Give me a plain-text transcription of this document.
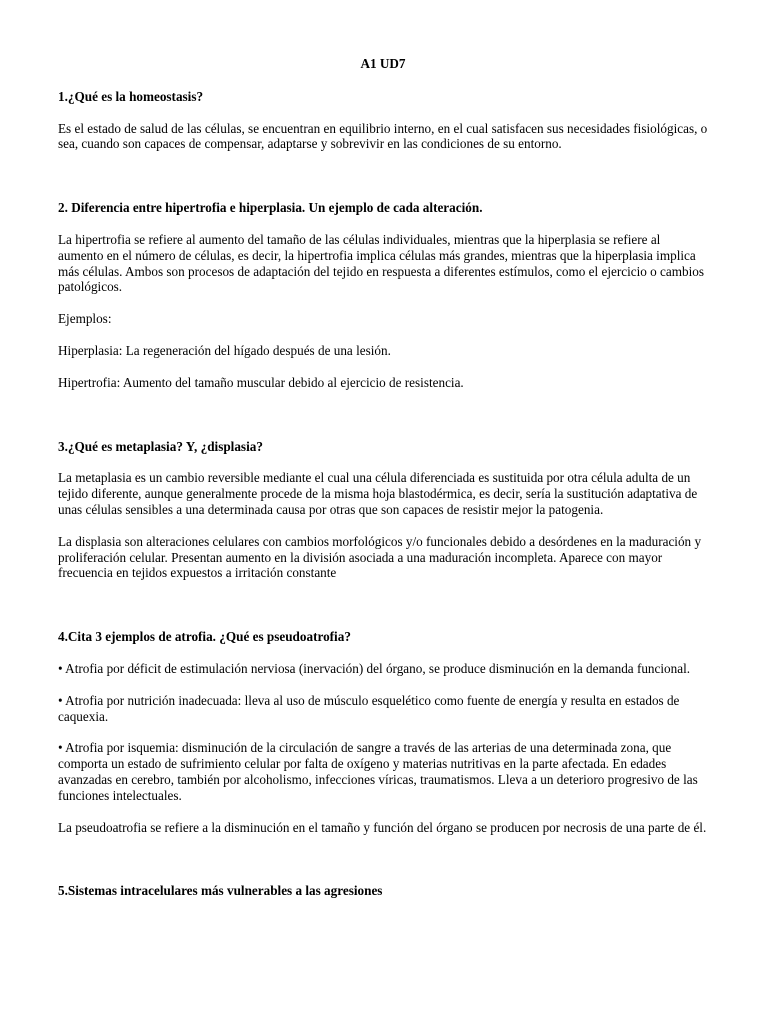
A1 UD7
1.¿Qué es la homeostasis?
Es el estado de salud de las células, se encuentran en equilibrio interno, en el cual satisfacen sus necesidades fisiológicas, o sea, cuando son capaces de compensar, adaptarse y sobrevivir en las condiciones de su entorno.
2. Diferencia entre hipertrofia e hiperplasia. Un ejemplo de cada alteración.
La hipertrofia se refiere al aumento del tamaño de las células individuales, mientras que la hiperplasia se refiere al aumento en el número de células, es decir, la hipertrofia implica células más grandes, mientras que la hiperplasia implica más células. Ambos son procesos de adaptación del tejido en respuesta a diferentes estímulos, como el ejercicio o cambios patológicos.
Ejemplos:
Hiperplasia: La regeneración del hígado después de una lesión.
Hipertrofia: Aumento del tamaño muscular debido al ejercicio de resistencia.
3.¿Qué es metaplasia? Y, ¿displasia?
La metaplasia es un cambio reversible mediante el cual una célula diferenciada es sustituida por otra célula adulta de un tejido diferente, aunque generalmente procede de la misma hoja blastodérmica, es decir, sería la sustitución adaptativa de unas células sensibles a una determinada causa por otras que son capaces de resistir mejor la patogenia.
La displasia son alteraciones celulares con cambios morfológicos y/o funcionales debido a desórdenes en la maduración y proliferación celular. Presentan aumento en la división asociada a una maduración incompleta. Aparece con mayor frecuencia en tejidos expuestos a irritación constante
4.Cita 3 ejemplos de atrofia. ¿Qué es pseudoatrofia?
• Atrofia por déficit de estimulación nerviosa (inervación) del órgano, se produce disminución en la demanda funcional.
• Atrofia por nutrición inadecuada: lleva al uso de músculo esquelético como fuente de energía y resulta en estados de caquexia.
• Atrofia por isquemia: disminución de la circulación de sangre a través de las arterias de una determinada zona, que comporta un estado de sufrimiento celular por falta de oxígeno y materias nutritivas en la parte afectada. En edades avanzadas en cerebro, también por alcoholismo, infecciones víricas, traumatismos. Lleva a un deterioro progresivo de las funciones intelectuales.
La pseudoatrofia se refiere a la disminución en el tamaño y función del órgano se producen por necrosis de una parte de él.
5.Sistemas intracelulares más vulnerables a las agresiones
